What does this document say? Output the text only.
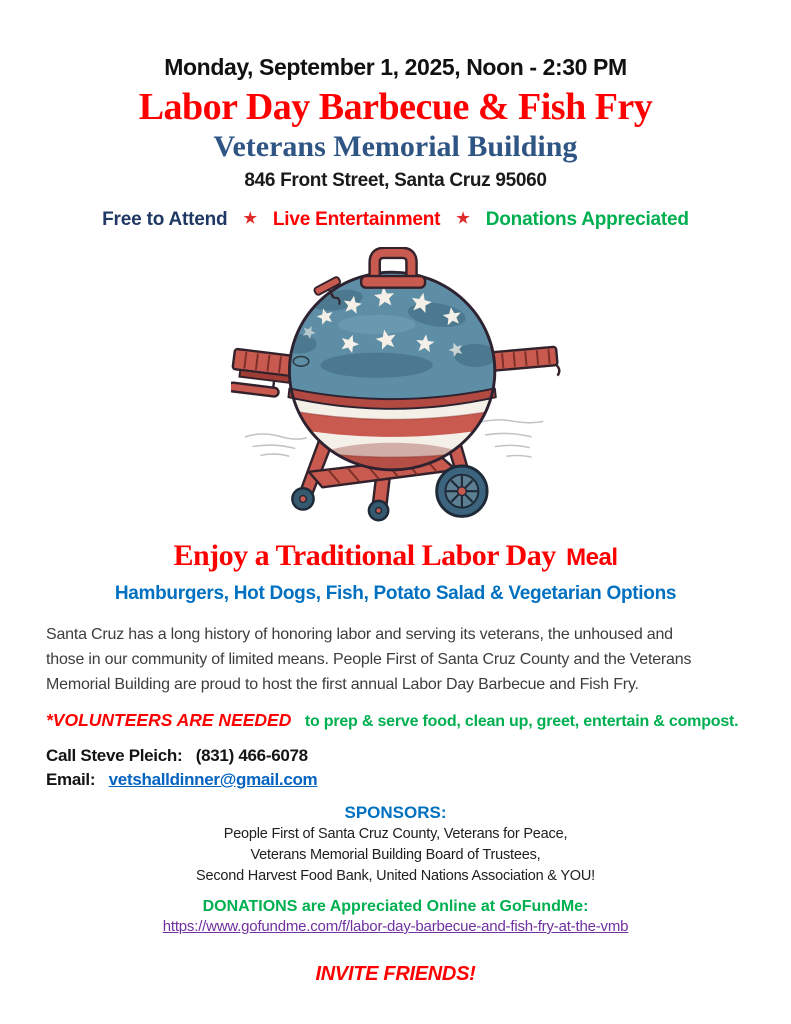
Monday, September 1, 2025, Noon - 2:30 PM
Labor Day Barbecue & Fish Fry
Veterans Memorial Building
846 Front Street, Santa Cruz 95060
Free to Attend ★ Live Entertainment ★ Donations Appreciated
Enjoy a Traditional Labor Day Meal
Hamburgers, Hot Dogs, Fish, Potato Salad & Vegetarian Options
Santa Cruz has a long history of honoring labor and serving its veterans, the unhoused and
those in our community of limited means. People First of Santa Cruz County and the Veterans
Memorial Building are proud to host the first annual Labor Day Barbecue and Fish Fry.
*VOLUNTEERS ARE NEEDED to prep & serve food, clean up, greet, entertain & compost.
Call Steve Pleich: (831) 466-6078
Email: vetshalldinner@gmail.com
SPONSORS:
People First of Santa Cruz County, Veterans for Peace,
Veterans Memorial Building Board of Trustees,
Second Harvest Food Bank, United Nations Association & YOU!
DONATIONS are Appreciated Online at GoFundMe:
https://www.gofundme.com/f/labor-day-barbecue-and-fish-fry-at-the-vmb
INVITE FRIENDS!
